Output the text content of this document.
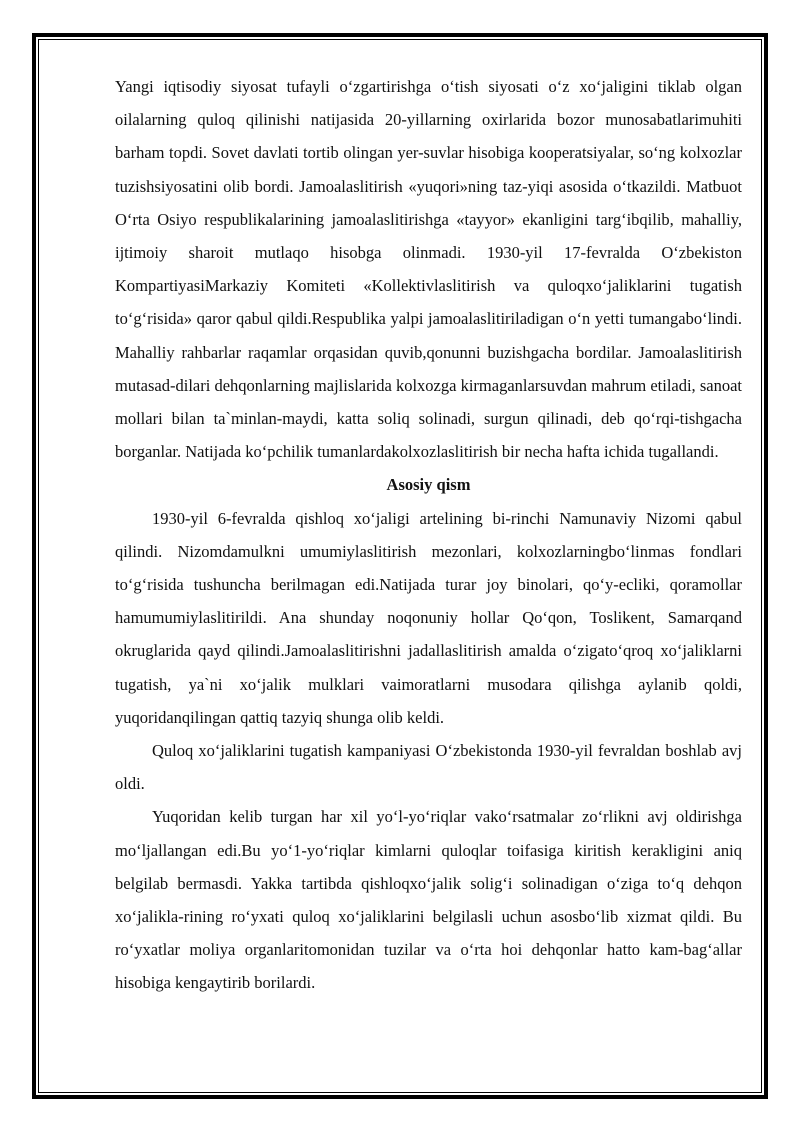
Yangi iqtisodiy siyosat tufayli o‘zgartirishga o‘tish siyosati o‘z xo‘jaligini tiklab olgan oilalarning quloq qilinishi natijasida 20-yillarning oxirlarida bozor munosabatlarimuhiti barham topdi. Sovet davlati tortib olingan yer-suvlar hisobiga kooperatsiyalar, so‘ng kolxozlar tuzishsiyosatini olib bordi. Jamoalaslitirish «yuqori»ning taz-yiqi asosida o‘tkazildi. Matbuot O‘rta Osiyo respublikalarining jamoalaslitirishga «tayyor» ekanligini targ‘ibqilib, mahalliy, ijtimoiy sharoit mutlaqo hisobga olinmadi. 1930-yil 17-fevralda O‘zbekiston KompartiyasiMarkaziy Komiteti «Kollektivlaslitirish va quloqxo‘jaliklarini tugatish to‘g‘risida» qaror qabul qildi.Respublika yalpi jamoalaslitiriladigan o‘n yetti tumangabo‘lindi. Mahalliy rahbarlar raqamlar orqasidan quvib,qonunni buzishgacha bordilar. Jamoalaslitirish mutasad-dilari dehqonlarning majlislarida kolxozga kirmaganlarsuvdan mahrum etiladi, sanoat mollari bilan ta`minlan-maydi, katta soliq solinadi, surgun qilinadi, deb qo‘rqi-tishgacha borganlar. Natijada ko‘pchilik tumanlardakolxozlaslitirish bir necha hafta ichida tugallandi.

Asosiy qism

1930-yil 6-fevralda qishloq xo‘jaligi artelining bi-rinchi Namunaviy Nizomi qabul qilindi. Nizomdamulkni umumiylaslitirish mezonlari, kolxozlarningbo‘linmas fondlari to‘g‘risida tushuncha berilmagan edi.Natijada turar joy binolari, qo‘y-ecliki, qoramollar hamumumiylaslitirildi. Ana shunday noqonuniy hollar Qo‘qon, Toslikent, Samarqand okruglarida qayd qilindi.Jamoalaslitirishni jadallaslitirish amalda o‘zigato‘qroq xo‘jaliklarni tugatish, ya`ni xo‘jalik mulklari vaimoratlarni musodara qilishga aylanib qoldi, yuqoridanqilingan qattiq tazyiq shunga olib keldi.

Quloq xo‘jaliklarini tugatish kampaniyasi O‘zbekistonda 1930-yil fevraldan boshlab avj oldi.

Yuqoridan kelib turgan har xil yo‘l-yo‘riqlar vako‘rsatmalar zo‘rlikni avj oldirishga mo‘ljallangan edi.Bu yo‘1-yo‘riqlar kimlarni quloqlar toifasiga kiritish kerakligini aniq belgilab bermasdi. Yakka tartibda qishloqxo‘jalik solig‘i solinadigan o‘ziga to‘q dehqon xo‘jalikla-rining ro‘yxati quloq xo‘jaliklarini belgilasli uchun asosbo‘lib xizmat qildi. Bu ro‘yxatlar moliya organlaritomonidan tuzilar va o‘rta hoi dehqonlar hatto kam-bag‘allar hisobiga kengaytirib borilardi.
